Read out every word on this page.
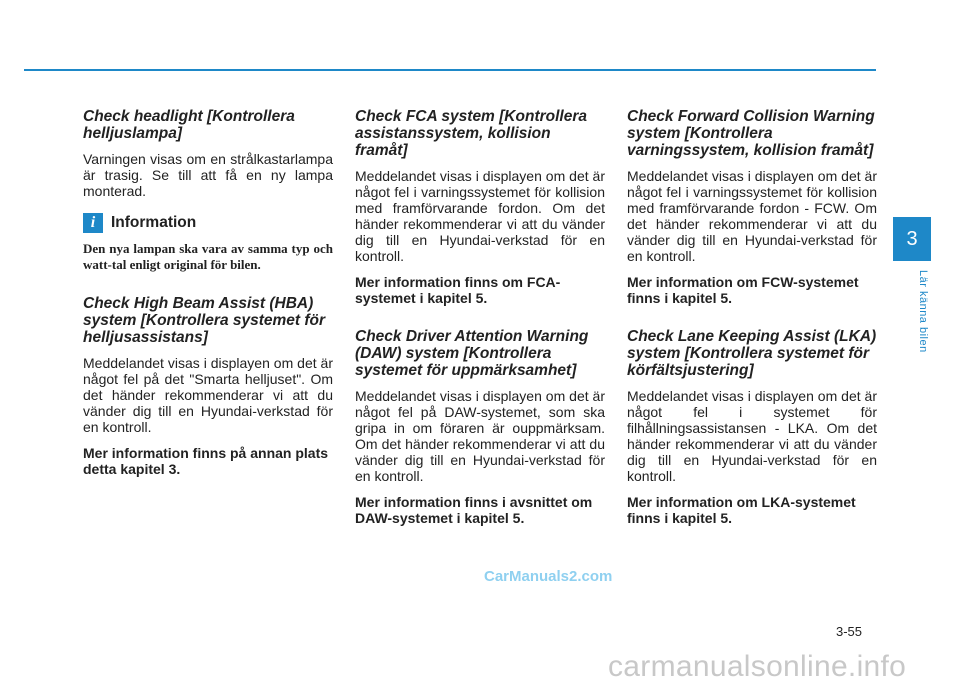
Check headlight [Kontrollera helljuslampa]

Varningen visas om en strålkastarlampa är trasig. Se till att få en ny lampa monterad.

i	Information

Den nya lampan ska vara av samma typ och watt-tal enligt original för bilen.

Check High Beam Assist (HBA) system [Kontrollera systemet för helljusassistans]

Meddelandet visas i displayen om det är något fel på det "Smarta helljuset". Om det händer rekommenderar vi att du vänder dig till en Hyundai-verkstad för en kontroll.

Mer information finns på annan plats detta kapitel 3.

Check FCA system [Kontrollera assistanssystem, kollision framåt]

Meddelandet visas i displayen om det är något fel i varningssystemet för kollision med framförvarande fordon. Om det händer rekommenderar vi att du vänder dig till en Hyundai-verkstad för en kontroll.

Mer information finns om FCA-systemet i kapitel 5.

Check Driver Attention Warning (DAW) system [Kontrollera systemet för uppmärksamhet]

Meddelandet visas i displayen om det är något fel på DAW-systemet, som ska gripa in om föraren är ouppmärksam. Om det händer rekommenderar vi att du vänder dig till en Hyundai-verkstad för en kontroll.

Mer information finns i avsnittet om DAW-systemet i kapitel 5.

Check Forward Collision Warning system [Kontrollera varningssystem, kollision framåt]

Meddelandet visas i displayen om det är något fel i varningssystemet för kollision med framförvarande fordon - FCW. Om det händer rekommenderar vi att du vänder dig till en Hyundai-verkstad för en kontroll.

Mer information om FCW-systemet finns i kapitel 5.

Check Lane Keeping Assist (LKA) system [Kontrollera systemet för körfältsjustering]

Meddelandet visas i displayen om det är något fel i systemet för filhållningsassistansen - LKA. Om det händer rekommenderar vi att du vänder dig till en Hyundai-verkstad för en kontroll.

Mer information om LKA-systemet finns i kapitel 5.

3
Lär känna bilen
3-55
CarManuals2.com
carmanualsonline.info
